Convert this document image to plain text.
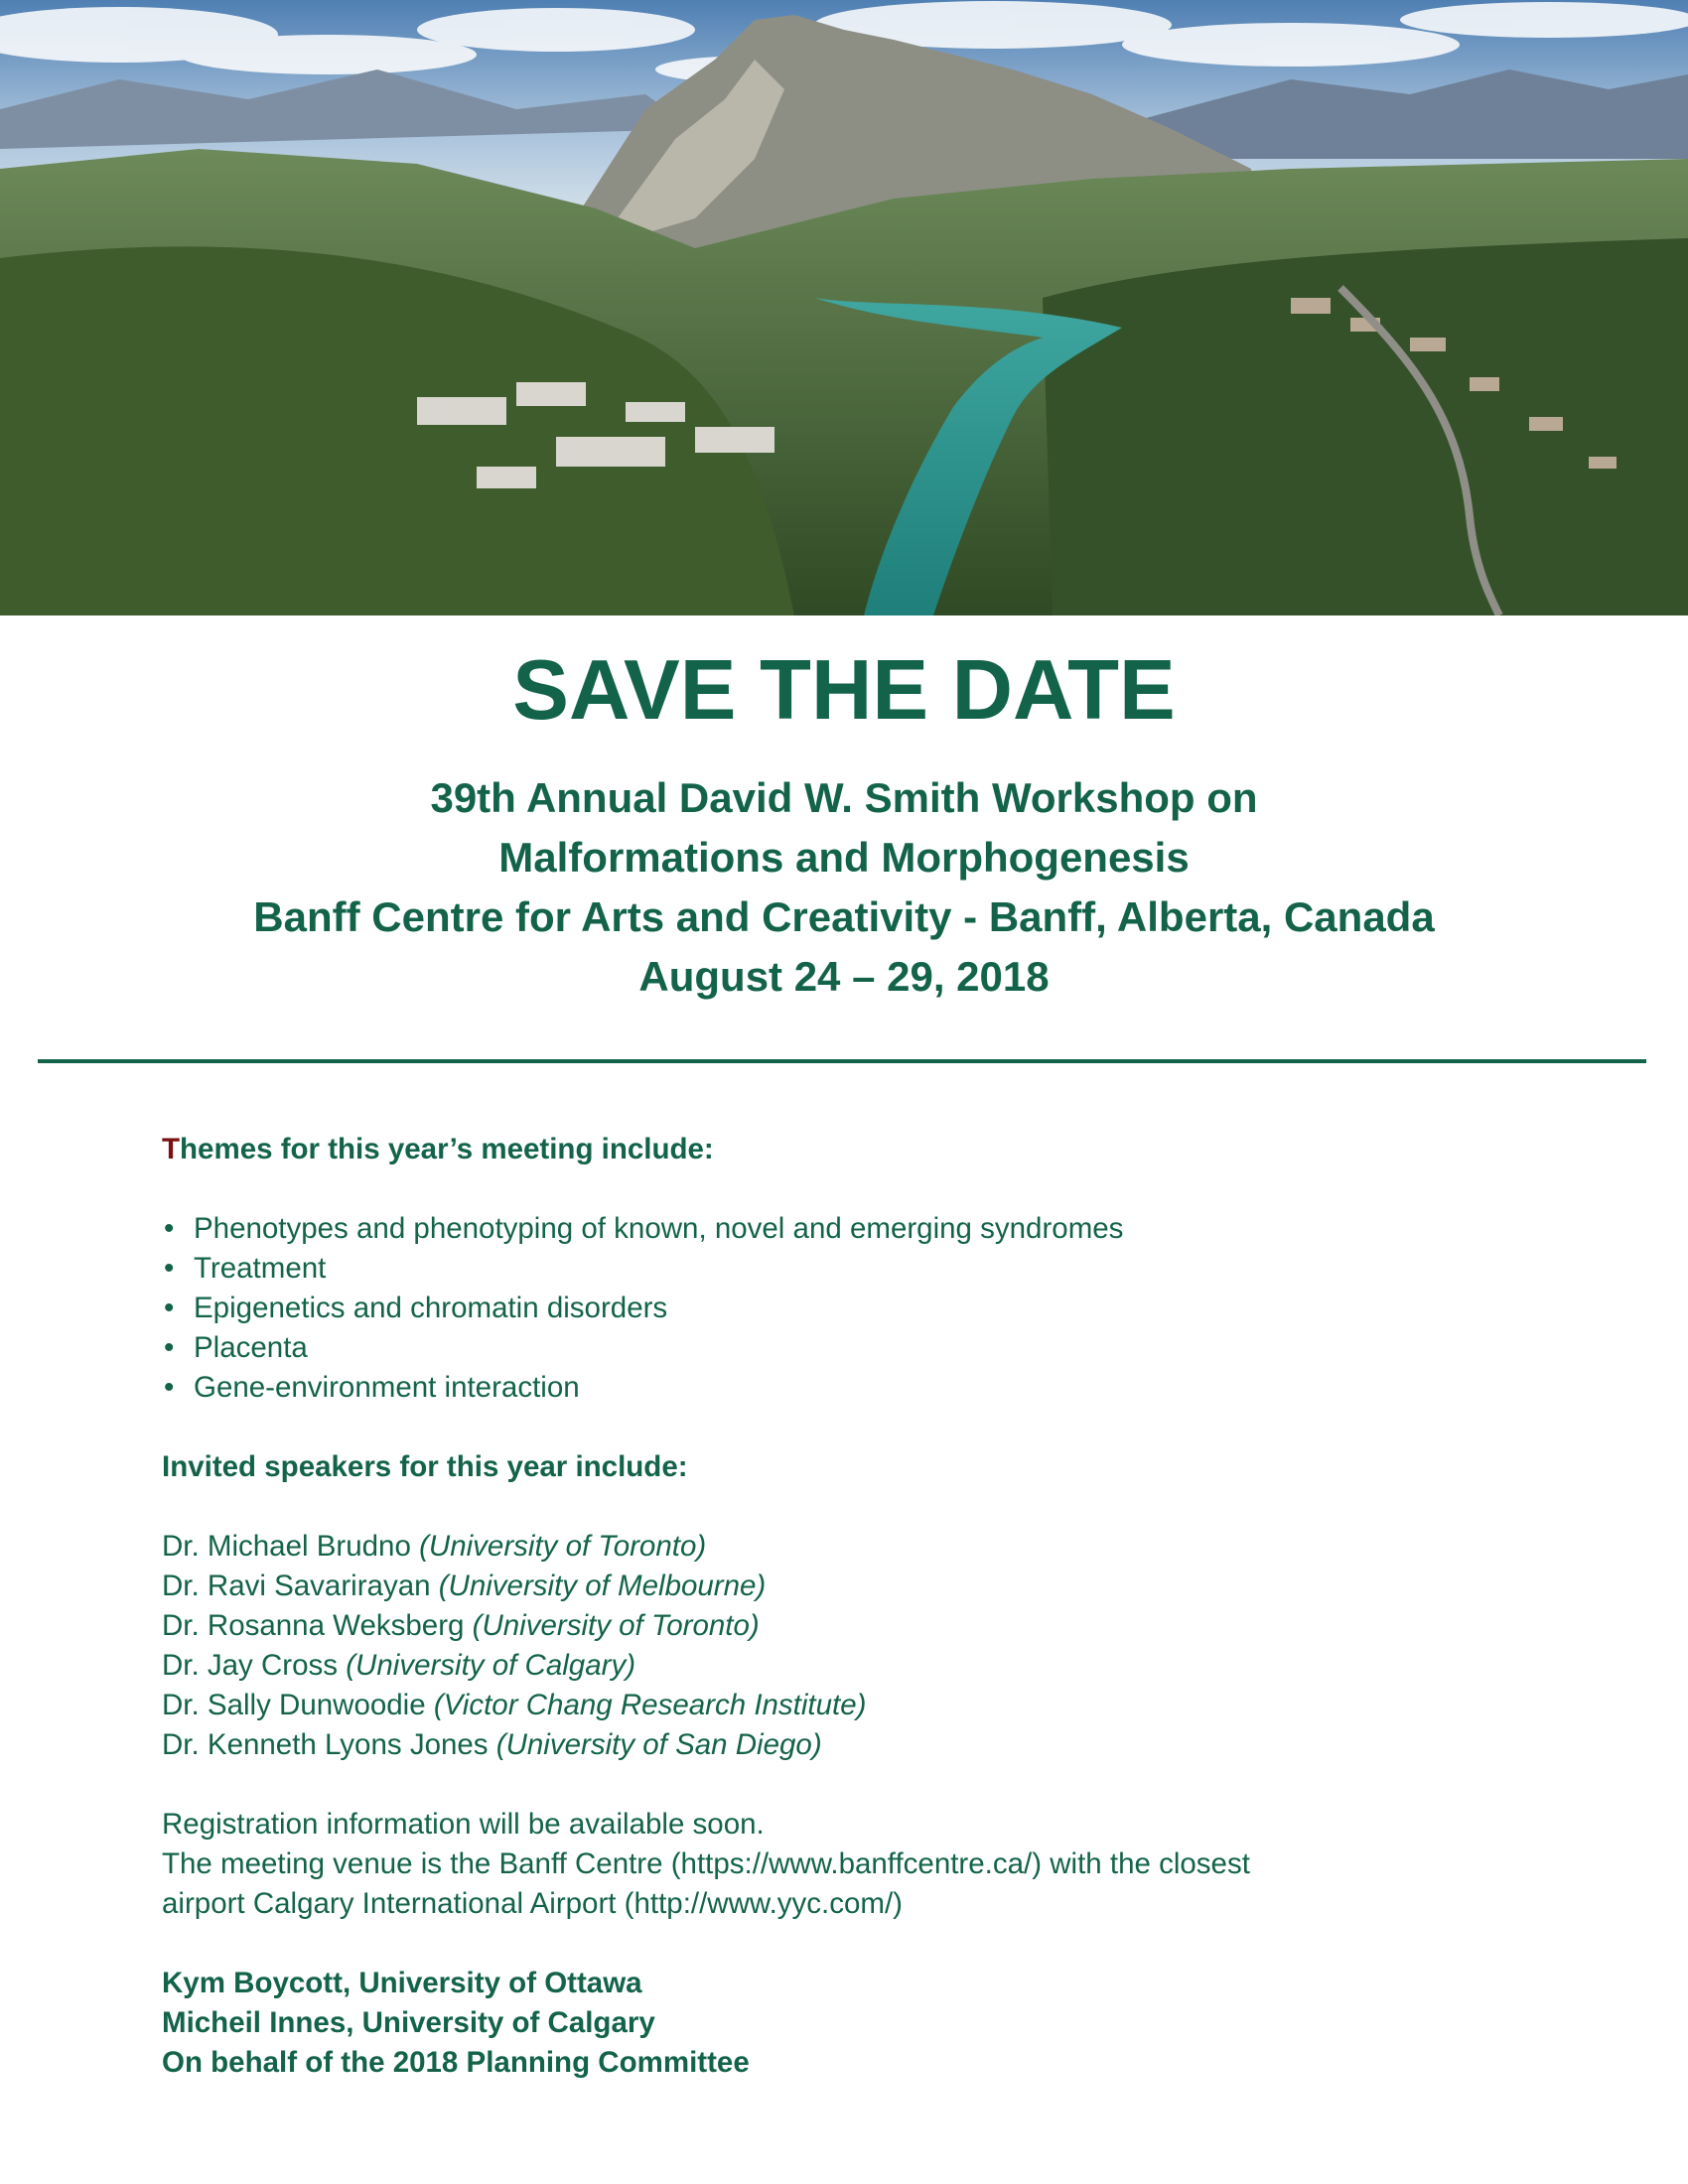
SAVE THE DATE
39th Annual David W. Smith Workshop on
Malformations and Morphogenesis
Banff Centre for Arts and Creativity - Banff, Alberta, Canada
August 24 – 29, 2018

Themes for this year’s meeting include:

• Phenotypes and phenotyping of known, novel and emerging syndromes
• Treatment
• Epigenetics and chromatin disorders
• Placenta
• Gene-environment interaction

Invited speakers for this year include:

Dr. Michael Brudno (University of Toronto)
Dr. Ravi Savarirayan (University of Melbourne)
Dr. Rosanna Weksberg (University of Toronto)
Dr. Jay Cross (University of Calgary)
Dr. Sally Dunwoodie (Victor Chang Research Institute)
Dr. Kenneth Lyons Jones (University of San Diego)
Registration information will be available soon.
The meeting venue is the Banff Centre (https://www.banffcentre.ca/) with the closest
airport Calgary International Airport (http://www.yyc.com/)
Kym Boycott, University of Ottawa
Micheil Innes, University of Calgary
On behalf of the 2018 Planning Committee
